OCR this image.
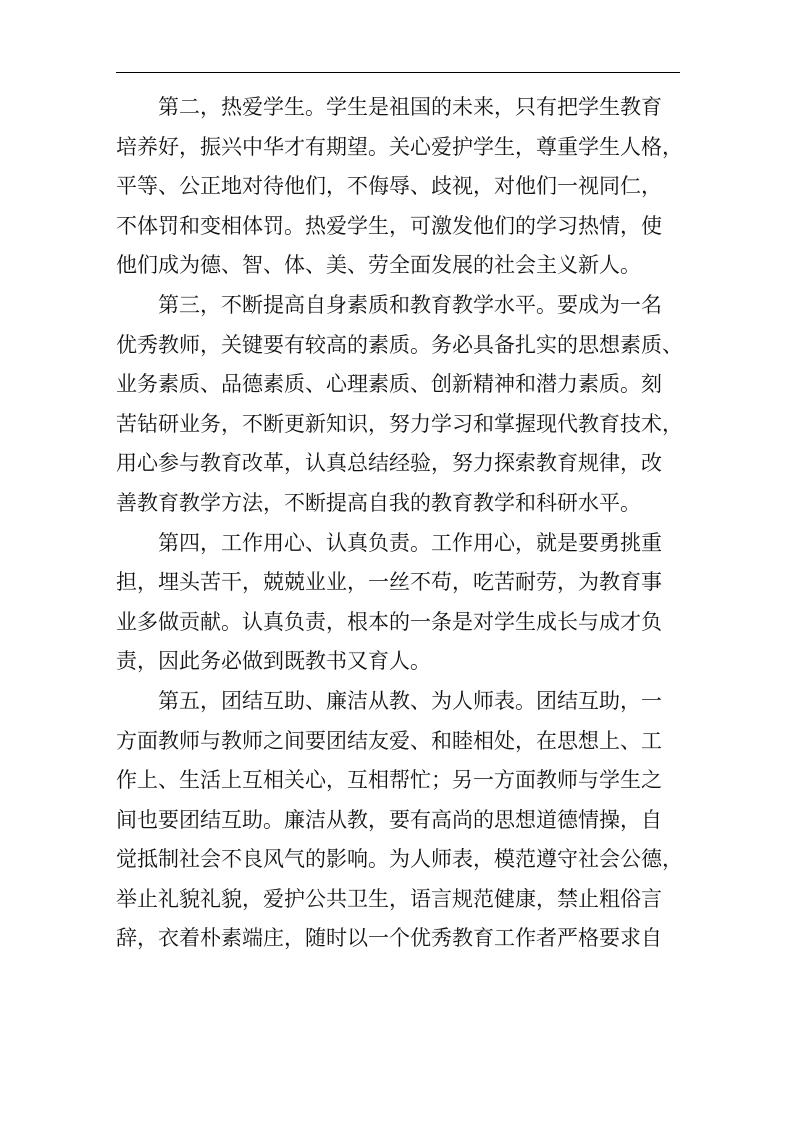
第二，热爱学生。学生是祖国的未来，只有把学生教育
培养好，振兴中华才有期望。关心爱护学生，尊重学生人格，
平等、公正地对待他们，不侮辱、歧视，对他们一视同仁，
不体罚和变相体罚。热爱学生，可激发他们的学习热情，使
他们成为德、智、体、美、劳全面发展的社会主义新人。
第三，不断提高自身素质和教育教学水平。要成为一名
优秀教师，关键要有较高的素质。务必具备扎实的思想素质、
业务素质、品德素质、心理素质、创新精神和潜力素质。刻
苦钻研业务，不断更新知识，努力学习和掌握现代教育技术，
用心参与教育改革，认真总结经验，努力探索教育规律，改
善教育教学方法，不断提高自我的教育教学和科研水平。
第四，工作用心、认真负责。工作用心，就是要勇挑重
担，埋头苦干，兢兢业业，一丝不苟，吃苦耐劳，为教育事
业多做贡献。认真负责，根本的一条是对学生成长与成才负
责，因此务必做到既教书又育人。
第五，团结互助、廉洁从教、为人师表。团结互助，一
方面教师与教师之间要团结友爱、和睦相处，在思想上、工
作上、生活上互相关心，互相帮忙；另一方面教师与学生之
间也要团结互助。廉洁从教，要有高尚的思想道德情操，自
觉抵制社会不良风气的影响。为人师表，模范遵守社会公德，
举止礼貌礼貌，爱护公共卫生，语言规范健康，禁止粗俗言
辞，衣着朴素端庄，随时以一个优秀教育工作者严格要求自
